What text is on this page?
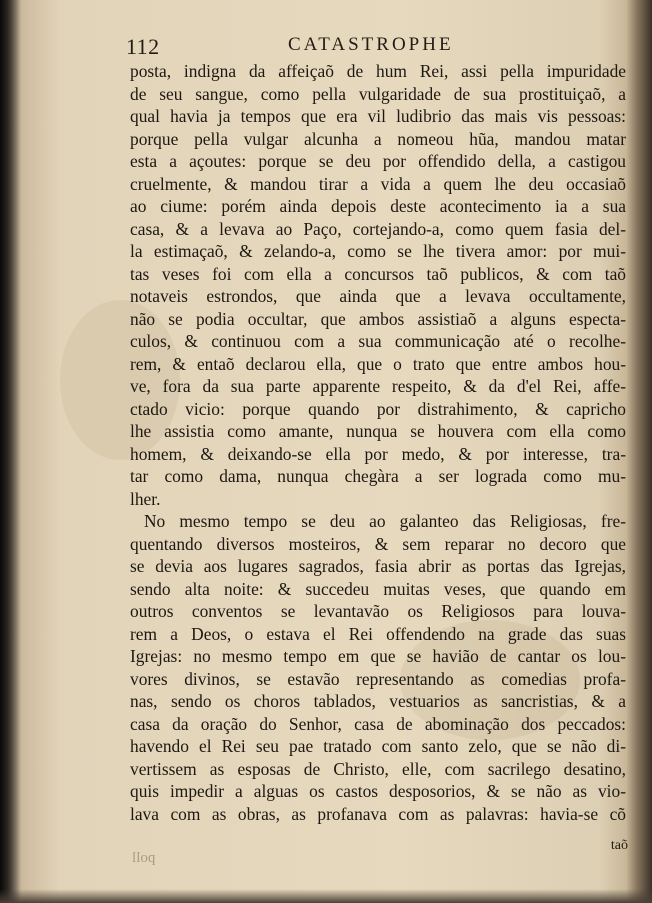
112	CATASTROPHE
posta, indigna da affeiçaõ de hum Rei, assi pella impuridade
de seu sangue, como pella vulgaridade de sua prostituiçaõ, a
qual havia ja tempos que era vil ludibrio das mais vis pessoas:
porque pella vulgar alcunha a nomeou hũa, mandou matar
esta a açoutes: porque se deu por offendido della, a castigou
cruelmente, & mandou tirar a vida a quem lhe deu occasiaõ
ao ciume: porém ainda depois deste acontecimento ia a sua
casa, & a levava ao Paço, cortejando-a, como quem fasia del-
la estimaçaõ, & zelando-a, como se lhe tivera amor: por mui-
tas veses foi com ella a concursos taõ publicos, & com taõ
notaveis estrondos, que ainda que a levava occultamente,
não se podia occultar, que ambos assistiaõ a alguns especta-
culos, & continuou com a sua communicação até o recolhe-
rem, & entaõ declarou ella, que o trato que entre ambos hou-
ve, fora da sua parte apparente respeito, & da d'el Rei, affe-
ctado vicio: porque quando por distrahimento, & capricho
lhe assistia como amante, nunqua se houvera com ella como
homem, & deixando-se ella por medo, & por interesse, tra-
tar como dama, nunqua chegàra a ser lograda como mu-
lher.
No mesmo tempo se deu ao galanteo das Religiosas, fre-
quentando diversos mosteiros, & sem reparar no decoro que
se devia aos lugares sagrados, fasia abrir as portas das Igrejas,
sendo alta noite: & succedeu muitas veses, que quando em
outros conventos se levantavão os Religiosos para louva-
rem a Deos, o estava el Rei offendendo na grade das suas
Igrejas: no mesmo tempo em que se havião de cantar os lou-
vores divinos, se estavão representando as comedias profa-
nas, sendo os choros tablados, vestuarios as sancristias, & a
casa da oração do Senhor, casa de abominação dos peccados:
havendo el Rei seu pae tratado com santo zelo, que se não di-
vertissem as esposas de Christo, elle, com sacrilego desatino,
quis impedir a alguas os castos desposorios, & se não as vio-
lava com as obras, as profanava com as palavras: havia-se cõ
taõ
poll
